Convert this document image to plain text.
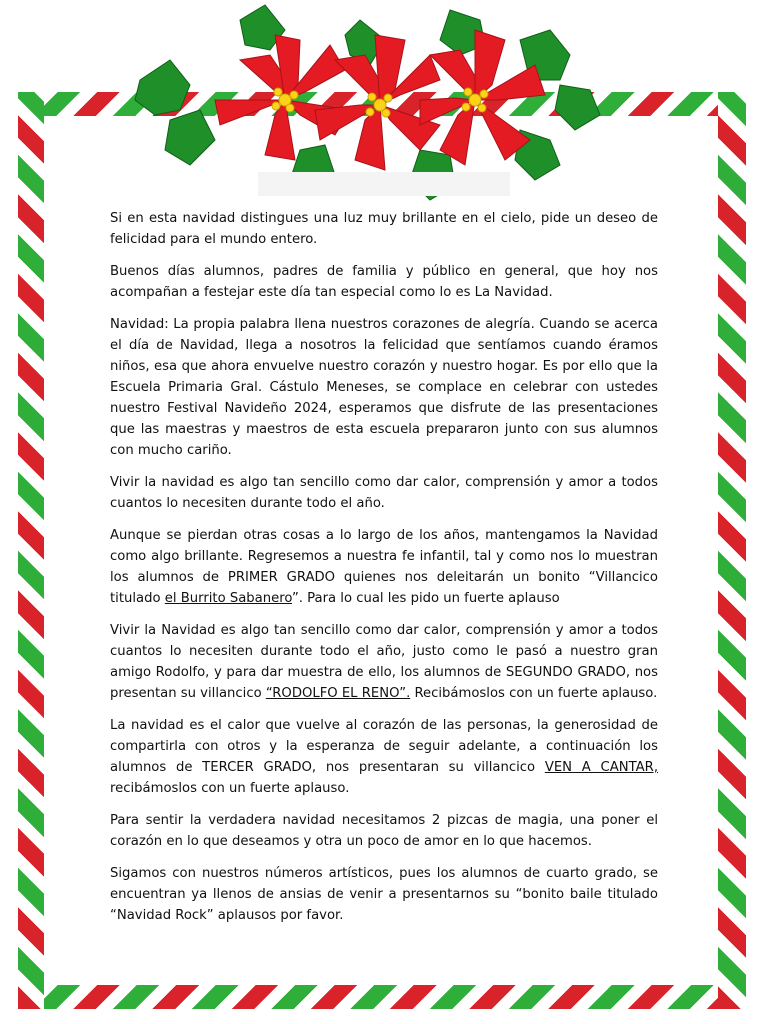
Si en esta navidad distingues una luz muy brillante en el cielo, pide un deseo de felicidad para el mundo entero.

Buenos días alumnos, padres de familia y público en general, que hoy nos acompañan a festejar este día tan especial como lo es La Navidad.

Navidad: La propia palabra llena nuestros corazones de alegría. Cuando se acerca el día de Navidad, llega a nosotros la felicidad que sentíamos cuando éramos niños, esa que ahora envuelve nuestro corazón y nuestro hogar. Es por ello que la Escuela Primaria Gral. Cástulo Meneses, se complace en celebrar con ustedes nuestro Festival Navideño 2024, esperamos que disfrute de las presentaciones que las maestras y maestros de esta escuela prepararon junto con sus alumnos con mucho cariño.

Vivir la navidad es algo tan sencillo como dar calor, comprensión y amor a todos cuantos lo necesiten durante todo el año.

Aunque se pierdan otras cosas a lo largo de los años, mantengamos la Navidad como algo brillante. Regresemos a nuestra fe infantil, tal y como nos lo muestran los alumnos de PRIMER GRADO quienes nos deleitarán un bonito “Villancico titulado el Burrito Sabanero”. Para lo cual les pido un fuerte aplauso

Vivir la Navidad es algo tan sencillo como dar calor, comprensión y amor a todos cuantos lo necesiten durante todo el año, justo como le pasó a nuestro gran amigo Rodolfo, y para dar muestra de ello, los alumnos de SEGUNDO GRADO, nos presentan su villancico “RODOLFO EL RENO”. Recibámoslos con un fuerte aplauso.

La navidad es el calor que vuelve al corazón de las personas, la generosidad de compartirla con otros y la esperanza de seguir adelante, a continuación los alumnos de TERCER GRADO, nos presentaran su villancico VEN A CANTAR, recibámoslos con un fuerte aplauso.

Para sentir la verdadera navidad necesitamos 2 pizcas de magia, una poner el corazón en lo que deseamos y otra un poco de amor en lo que hacemos.

Sigamos con nuestros números artísticos, pues los alumnos de cuarto grado, se encuentran ya llenos de ansias de venir a presentarnos su “bonito baile titulado “Navidad Rock” aplausos por favor.
